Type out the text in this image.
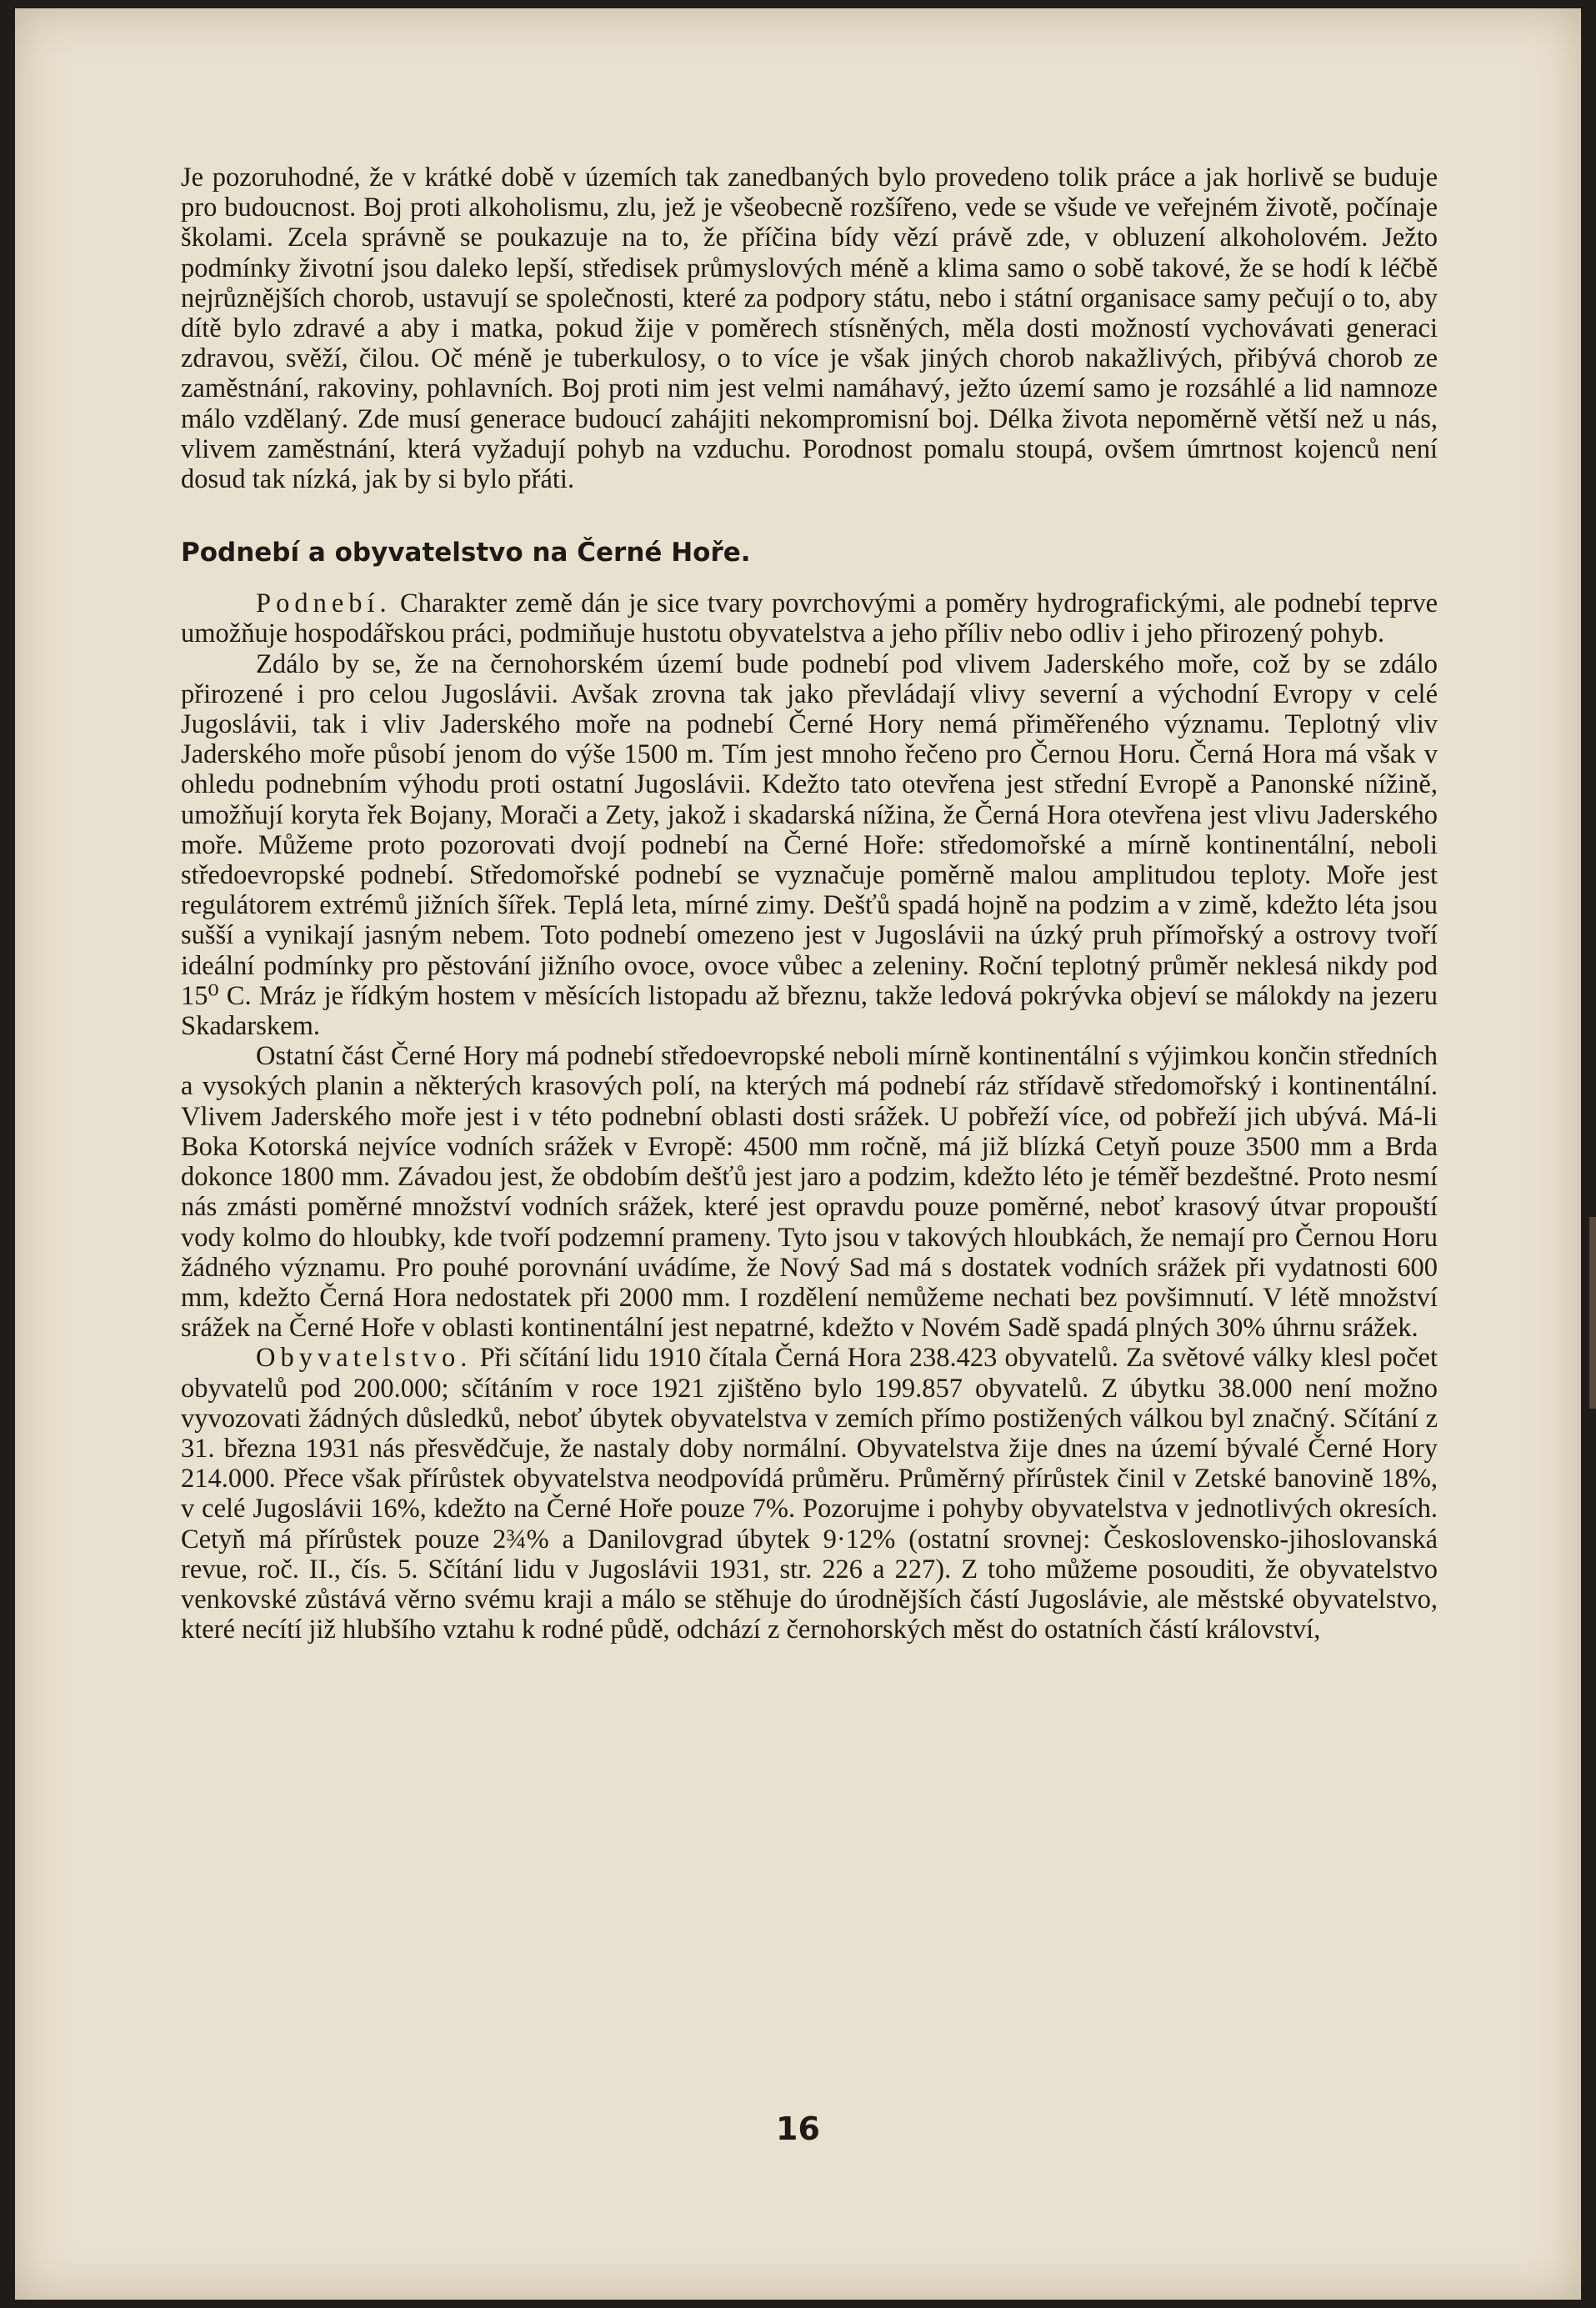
Je pozoruhodné, že v krátké době v územích tak zanedbaných bylo provedeno tolik práce a jak horlivě se buduje pro budoucnost. Boj proti alkoholismu, zlu, jež je všeobecně rozšířeno, vede se všude ve veřejném životě, počínaje školami. Zcela správně se poukazuje na to, že příčina bídy vězí právě zde, v obluzení alkoholovém. Ježto podmínky životní jsou daleko lepší, středisek průmyslových méně a klima samo o sobě takové, že se hodí k léčbě nejrůznějších chorob, ustavují se společnosti, které za podpory státu, nebo i státní organisace samy pečují o to, aby dítě bylo zdravé a aby i matka, pokud žije v poměrech stísněných, měla dosti možností vychovávati generaci zdravou, svěží, čilou. Oč méně je tuberkulosy, o to více je však jiných chorob nakažlivých, přibývá chorob ze zaměstnání, rakoviny, pohlavních. Boj proti nim jest velmi namáhavý, ježto území samo je rozsáhlé a lid namnoze málo vzdělaný. Zde musí generace budoucí zahájiti nekompromisní boj. Délka života nepoměrně větší než u nás, vlivem zaměstnání, která vyžadují pohyb na vzduchu. Porodnost pomalu stoupá, ovšem úmrtnost kojenců není dosud tak nízká, jak by si bylo přáti.

Podnebí a obyvatelstvo na Černé Hoře.

Podnebí. Charakter země dán je sice tvary povrchovými a poměry hydrografickými, ale podnebí teprve umožňuje hospodářskou práci, podmiňuje hustotu obyvatelstva a jeho příliv nebo odliv i jeho přirozený pohyb.

Zdálo by se, že na černohorském území bude podnebí pod vlivem Jaderského moře, což by se zdálo přirozené i pro celou Jugoslávii. Avšak zrovna tak jako převládají vlivy severní a východní Evropy v celé Jugoslávii, tak i vliv Jaderského moře na podnebí Černé Hory nemá přiměřeného významu. Teplotný vliv Jaderského moře působí jenom do výše 1500 m. Tím jest mnoho řečeno pro Černou Horu. Černá Hora má však v ohledu podnebním výhodu proti ostatní Jugoslávii. Kdežto tato otevřena jest střední Evropě a Panonské nížině, umožňují koryta řek Bojany, Morači a Zety, jakož i skadarská nížina, že Černá Hora otevřena jest vlivu Jaderského moře. Můžeme proto pozorovati dvojí podnebí na Černé Hoře: středomořské a mírně kontinentální, neboli středoevropské podnebí. Středomořské podnebí se vyznačuje poměrně malou amplitudou teploty. Moře jest regulátorem extrémů jižních šířek. Teplá leta, mírné zimy. Dešťů spadá hojně na podzim a v zimě, kdežto léta jsou sušší a vynikají jasným nebem. Toto podnebí omezeno jest v Jugoslávii na úzký pruh přímořský a ostrovy tvoří ideální podmínky pro pěstování jižního ovoce, ovoce vůbec a zeleniny. Roční teplotný průměr neklesá nikdy pod 15⁰ C. Mráz je řídkým hostem v měsících listopadu až březnu, takže ledová pokrývka objeví se málokdy na jezeru Skadarskem.

Ostatní část Černé Hory má podnebí středoevropské neboli mírně kontinentální s výjimkou končin středních a vysokých planin a některých krasových polí, na kterých má podnebí ráz střídavě středomořský i kontinentální. Vlivem Jaderského moře jest i v této podnební oblasti dosti srážek. U pobřeží více, od pobřeží jich ubývá. Má-li Boka Kotorská nejvíce vodních srážek v Evropě: 4500 mm ročně, má již blízká Cetyň pouze 3500 mm a Brda dokonce 1800 mm. Závadou jest, že obdobím dešťů jest jaro a podzim, kdežto léto je téměř bezdeštné. Proto nesmí nás zmásti poměrné množství vodních srážek, které jest opravdu pouze poměrné, neboť krasový útvar propouští vody kolmo do hloubky, kde tvoří podzemní prameny. Tyto jsou v takových hloubkách, že nemají pro Černou Horu žádného významu. Pro pouhé porovnání uvádíme, že Nový Sad má s dostatek vodních srážek při vydatnosti 600 mm, kdežto Černá Hora nedostatek při 2000 mm. I rozdělení nemůžeme nechati bez povšimnutí. V létě množství srážek na Černé Hoře v oblasti kontinentální jest nepatrné, kdežto v Novém Sadě spadá plných 30% úhrnu srážek.

Obyvatelstvo. Při sčítání lidu 1910 čítala Černá Hora 238.423 obyvatelů. Za světové války klesl počet obyvatelů pod 200.000; sčítáním v roce 1921 zjištěno bylo 199.857 obyvatelů. Z úbytku 38.000 není možno vyvozovati žádných důsledků, neboť úbytek obyvatelstva v zemích přímo postižených válkou byl značný. Sčítání z 31. března 1931 nás přesvědčuje, že nastaly doby normální. Obyvatelstva žije dnes na území bývalé Černé Hory 214.000. Přece však přírůstek obyvatelstva neodpovídá průměru. Průměrný přírůstek činil v Zetské banovině 18%, v celé Jugoslávii 16%, kdežto na Černé Hoře pouze 7%. Pozorujme i pohyby obyvatelstva v jednotlivých okresích. Cetyň má přírůstek pouze 2¾% a Danilovgrad úbytek 9·12% (ostatní srovnej: Československo-jihoslovanská revue, roč. II., čís. 5. Sčítání lidu v Jugoslávii 1931, str. 226 a 227). Z toho můžeme posouditi, že obyvatelstvo venkovské zůstává věrno svému kraji a málo se stěhuje do úrodnějších částí Jugoslávie, ale městské obyvatelstvo, které necítí již hlubšího vztahu k rodné půdě, odchází z černohorských měst do ostatních částí království,

16
